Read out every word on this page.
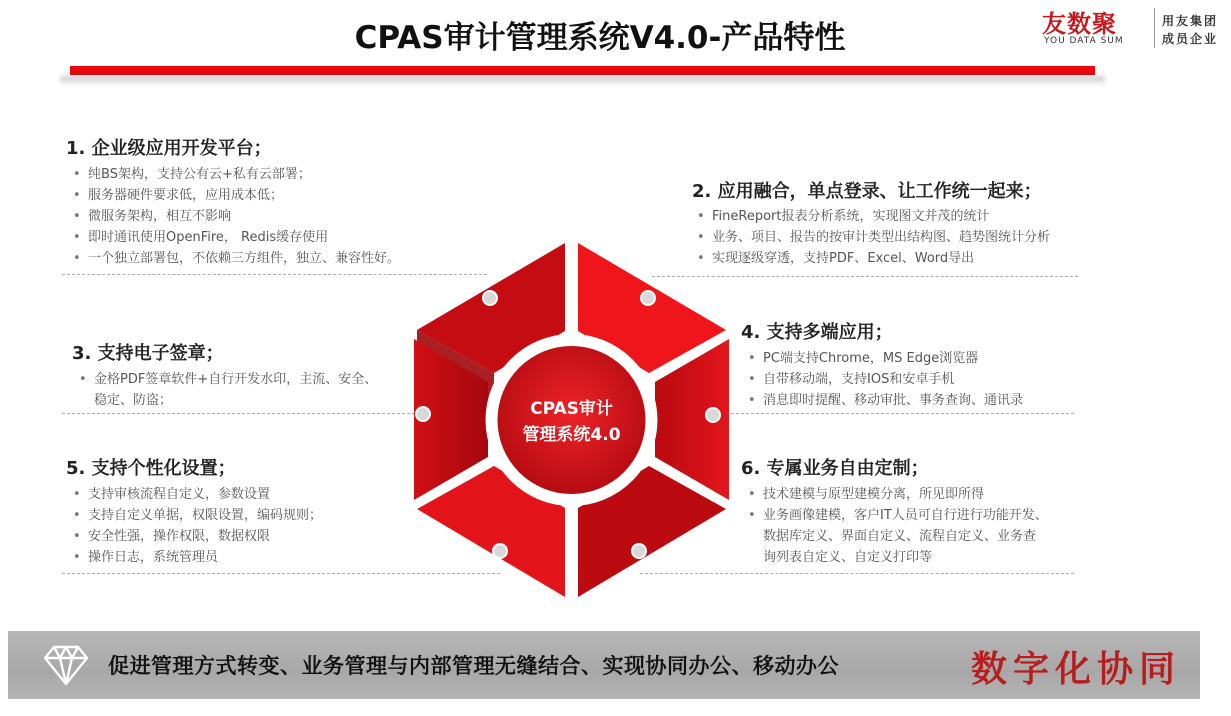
CPAS审计管理系统V4.0-产品特性	友数聚
YOU DATA SUM
用友集团
成员企业
1. 企业级应用开发平台；
• 纯BS架构，支持公有云+私有云部署；
• 服务器硬件要求低，应用成本低；
• 微服务架构，相互不影响
• 即时通讯使用OpenFire， Redis缓存使用
• 一个独立部署包，不依赖三方组件，独立、兼容性好。
2. 应用融合，单点登录、让工作统一起来；
• FineReport报表分析系统，实现图文并茂的统计
• 业务、项目、报告的按审计类型出结构图、趋势图统计分析
• 实现逐级穿透，支持PDF、Excel、Word导出
3. 支持电子签章；
• 金格PDF签章软件+自行开发水印，主流、安全、
稳定、防盗；
4. 支持多端应用；
• PC端支持Chrome，MS Edge浏览器
• 自带移动端，支持IOS和安卓手机
• 消息即时提醒、移动审批、事务查询、通讯录
5. 支持个性化设置；
• 支持审核流程自定义，参数设置
• 支持自定义单据，权限设置，编码规则；
• 安全性强，操作权限，数据权限
• 操作日志，系统管理员
6. 专属业务自由定制；
• 技术建模与原型建模分离，所见即所得
• 业务画像建模，客户IT人员可自行进行功能开发、
数据库定义、界面自定义、流程自定义、业务查
询列表自定义、自定义打印等
CPAS审计
管理系统4.0
促进管理方式转变、业务管理与内部管理无缝结合、实现协同办公、移动办公	数字化协同
